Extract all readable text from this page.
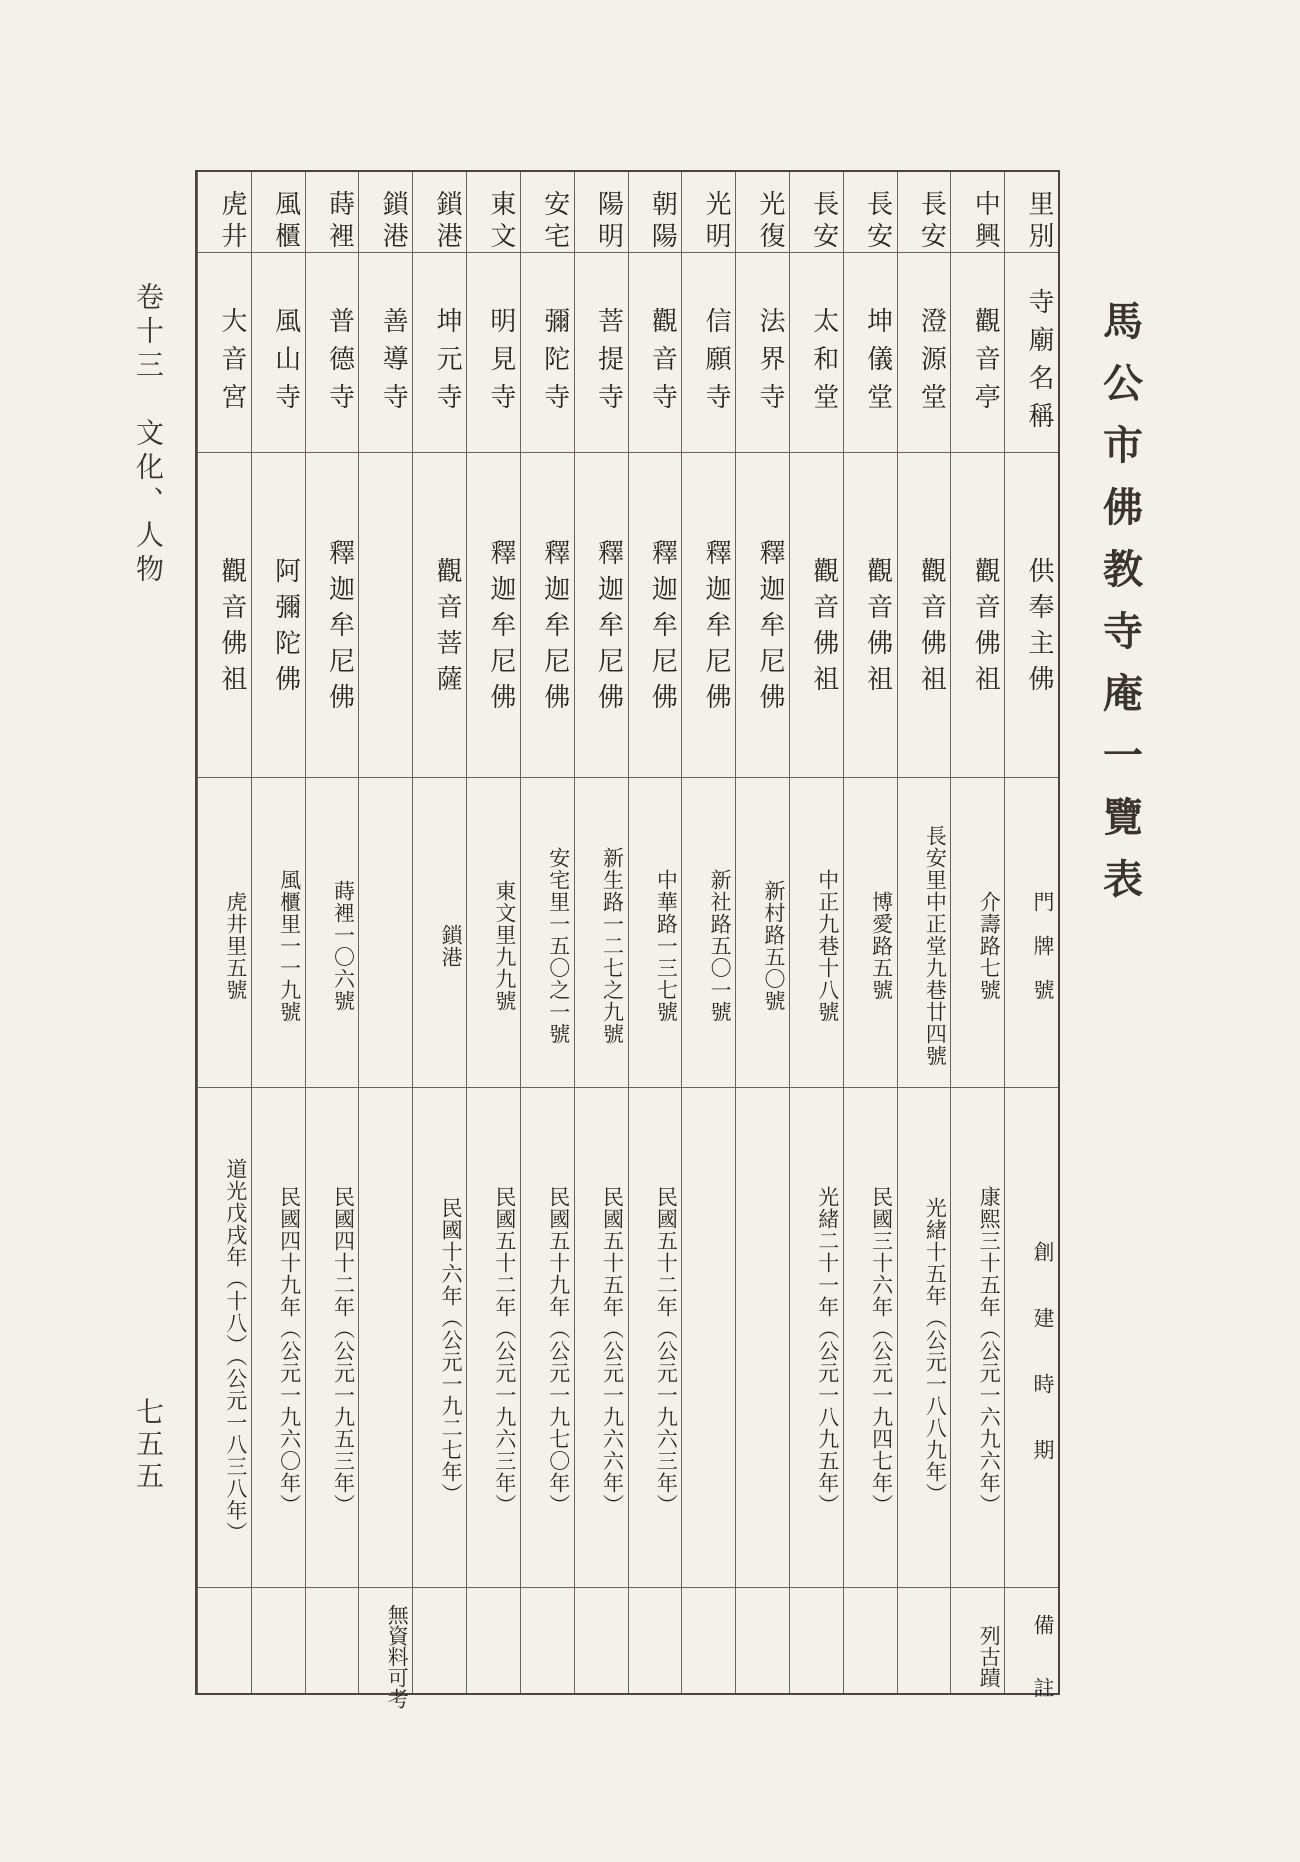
馬公市佛教寺庵一覽表
里別
寺廟名稱
供奉主佛
門　牌　號
創　　建　　時　　期
備　　註
中興
觀音亭
觀音佛祖
介壽路七號
康熙三十五年（公元一六九六年）
列古蹟
長安
澄源堂
觀音佛祖
長安里中正堂九巷廿四號
光緒十五年（公元一八八九年）
長安
坤儀堂
觀音佛祖
博愛路五號
民國三十六年（公元一九四七年）
長安
太和堂
觀音佛祖
中正九巷十八號
光緒二十一年（公元一八九五年）
光復
法界寺
釋迦牟尼佛
新村路五〇號
光明
信願寺
釋迦牟尼佛
新社路五〇一號
朝陽
觀音寺
釋迦牟尼佛
中華路一三七號
民國五十二年（公元一九六三年）
陽明
菩提寺
釋迦牟尼佛
新生路一二七之九號
民國五十五年（公元一九六六年）
安宅
彌陀寺
釋迦牟尼佛
安宅里一五〇之一號
民國五十九年（公元一九七〇年）
東文
明見寺
釋迦牟尼佛
東文里九九號
民國五十二年（公元一九六三年）
鎖港
坤元寺
觀音菩薩
鎖港
民國十六年（公元一九二七年）
鎖港
善導寺
無資料可考
蒔裡
普德寺
釋迦牟尼佛
蒔裡一〇六號
民國四十二年（公元一九五三年）
風櫃
風山寺
阿彌陀佛
風櫃里一一九號
民國四十九年（公元一九六〇年）
虎井
大音宮
觀音佛祖
虎井里五號
道光戊戌年（十八）（公元一八三八年）
卷十三　文化、人物
七五五
